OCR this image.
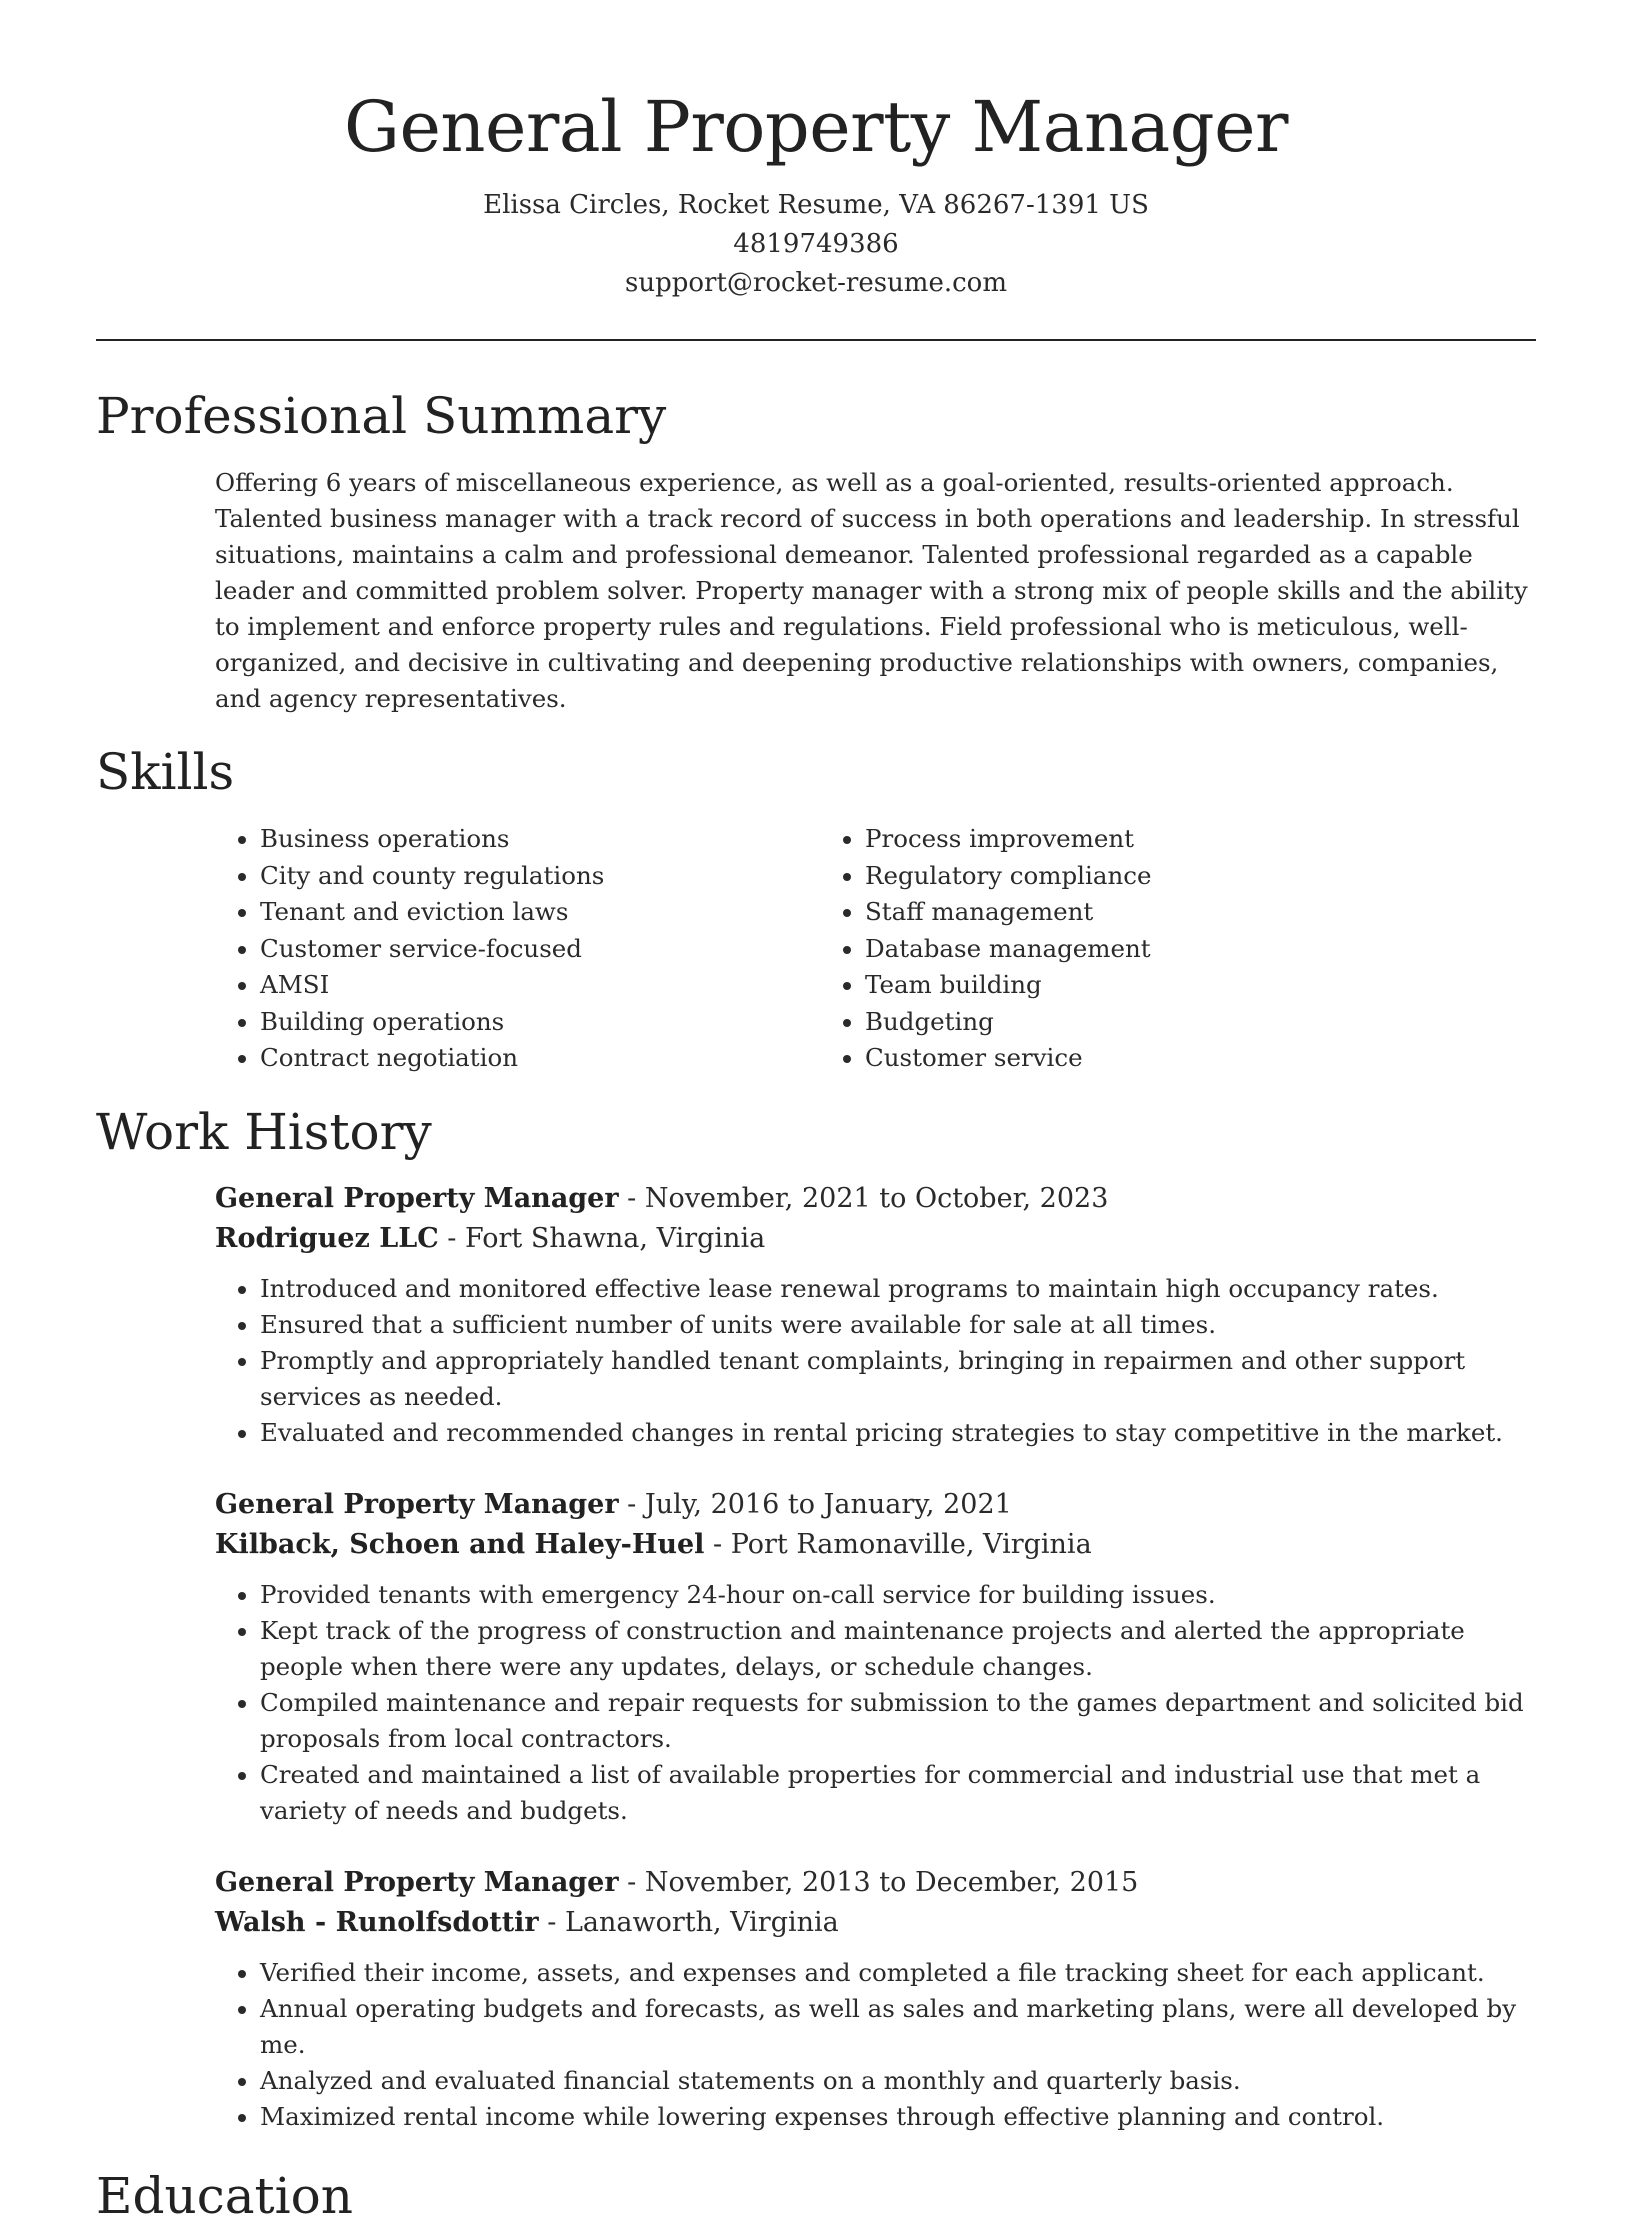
General Property Manager
Elissa Circles, Rocket Resume, VA 86267-1391 US
4819749386
support@rocket-resume.com
Professional Summary

Offering 6 years of miscellaneous experience, as well as a goal-oriented, results-oriented approach. Talented business manager with a track record of success in both operations and leadership. In stressful situations, maintains a calm and professional demeanor. Talented professional regarded as a capable leader and committed problem solver. Property manager with a strong mix of people skills and the ability to implement and enforce property rules and regulations. Field professional who is meticulous, well-organized, and decisive in cultivating and deepening productive relationships with owners, companies, and agency representatives.

Skills
• Business operations
• City and county regulations
• Tenant and eviction laws
• Customer service-focused
• AMSI
• Building operations
• Contract negotiation
• Process improvement
• Regulatory compliance
• Staff management
• Database management
• Team building
• Budgeting
• Customer service
Work History
General Property Manager - November, 2021 to October, 2023
Rodriguez LLC - Fort Shawna, Virginia
• Introduced and monitored effective lease renewal programs to maintain high occupancy rates.
• Ensured that a sufficient number of units were available for sale at all times.
• Promptly and appropriately handled tenant complaints, bringing in repairmen and other support services as needed.
• Evaluated and recommended changes in rental pricing strategies to stay competitive in the market.
General Property Manager - July, 2016 to January, 2021
Kilback, Schoen and Haley-Huel - Port Ramonaville, Virginia
• Provided tenants with emergency 24-hour on-call service for building issues.
• Kept track of the progress of construction and maintenance projects and alerted the appropriate people when there were any updates, delays, or schedule changes.
• Compiled maintenance and repair requests for submission to the games department and solicited bid proposals from local contractors.
• Created and maintained a list of available properties for commercial and industrial use that met a variety of needs and budgets.
General Property Manager - November, 2013 to December, 2015
Walsh - Runolfsdottir - Lanaworth, Virginia
• Verified their income, assets, and expenses and completed a file tracking sheet for each applicant.
• Annual operating budgets and forecasts, as well as sales and marketing plans, were all developed by me.
• Analyzed and evaluated financial statements on a monthly and quarterly basis.
• Maximized rental income while lowering expenses through effective planning and control.
Education
